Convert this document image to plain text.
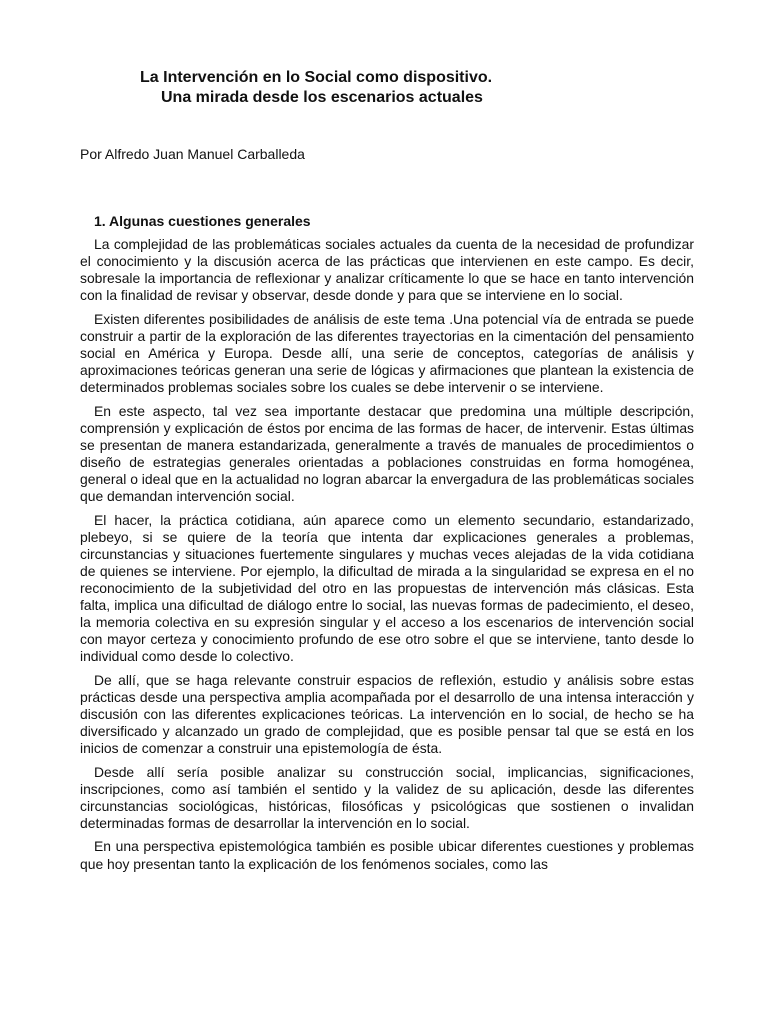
La Intervención en lo Social como dispositivo.
Una mirada desde los escenarios actuales
Por Alfredo Juan Manuel Carballeda
1. Algunas cuestiones generales

La complejidad de las problemáticas sociales actuales da cuenta de la necesidad de profundizar el conocimiento y la discusión acerca de las prácticas que intervienen en este campo. Es decir, sobresale la importancia de reflexionar y analizar críticamente lo que se hace en tanto intervención con la finalidad de revisar y observar, desde donde y para que se interviene en lo social.

Existen diferentes posibilidades de análisis de este tema .Una potencial vía de entrada se puede construir a partir de la exploración de las diferentes trayectorias en la cimentación del pensamiento social en América y Europa. Desde allí, una serie de conceptos, categorías de análisis y aproximaciones teóricas generan una serie de lógicas y afirmaciones que plantean la existencia de determinados problemas sociales sobre los cuales se debe intervenir o se interviene.

En este aspecto, tal vez sea importante destacar que predomina una múltiple descripción, comprensión y explicación de éstos por encima de las formas de hacer, de intervenir. Estas últimas se presentan de manera estandarizada, generalmente a través de manuales de procedimientos o diseño de estrategias generales orientadas a poblaciones construidas en forma homogénea, general o ideal que en la actualidad no logran abarcar la envergadura de las problemáticas sociales que demandan intervención social.

El hacer, la práctica cotidiana, aún aparece como un elemento secundario, estandarizado, plebeyo, si se quiere de la teoría que intenta dar explicaciones generales a problemas, circunstancias y situaciones fuertemente singulares y muchas veces alejadas de la vida cotidiana de quienes se interviene. Por ejemplo, la dificultad de mirada a la singularidad se expresa en el no reconocimiento de la subjetividad del otro en las propuestas de intervención más clásicas. Esta falta, implica una dificultad de diálogo entre lo social, las nuevas formas de padecimiento, el deseo, la memoria colectiva en su expresión singular y el acceso a los escenarios de intervención social con mayor certeza y conocimiento profundo de ese otro sobre el que se interviene, tanto desde lo individual como desde lo colectivo.

De allí, que se haga relevante construir espacios de reflexión, estudio y análisis sobre estas prácticas desde una perspectiva amplia acompañada por el desarrollo de una intensa interacción y discusión con las diferentes explicaciones teóricas. La intervención en lo social, de hecho se ha diversificado y alcanzado un grado de complejidad, que es posible pensar tal que se está en los inicios de comenzar a construir una epistemología de ésta.

Desde allí sería posible analizar su construcción social, implicancias, significaciones, inscripciones, como así también el sentido y la validez de su aplicación, desde las diferentes circunstancias sociológicas, históricas, filosóficas y psicológicas que sostienen o invalidan determinadas formas de desarrollar la intervención en lo social.

En una perspectiva epistemológica también es posible ubicar diferentes cuestiones y problemas que hoy presentan tanto la explicación de los fenómenos sociales, como las
